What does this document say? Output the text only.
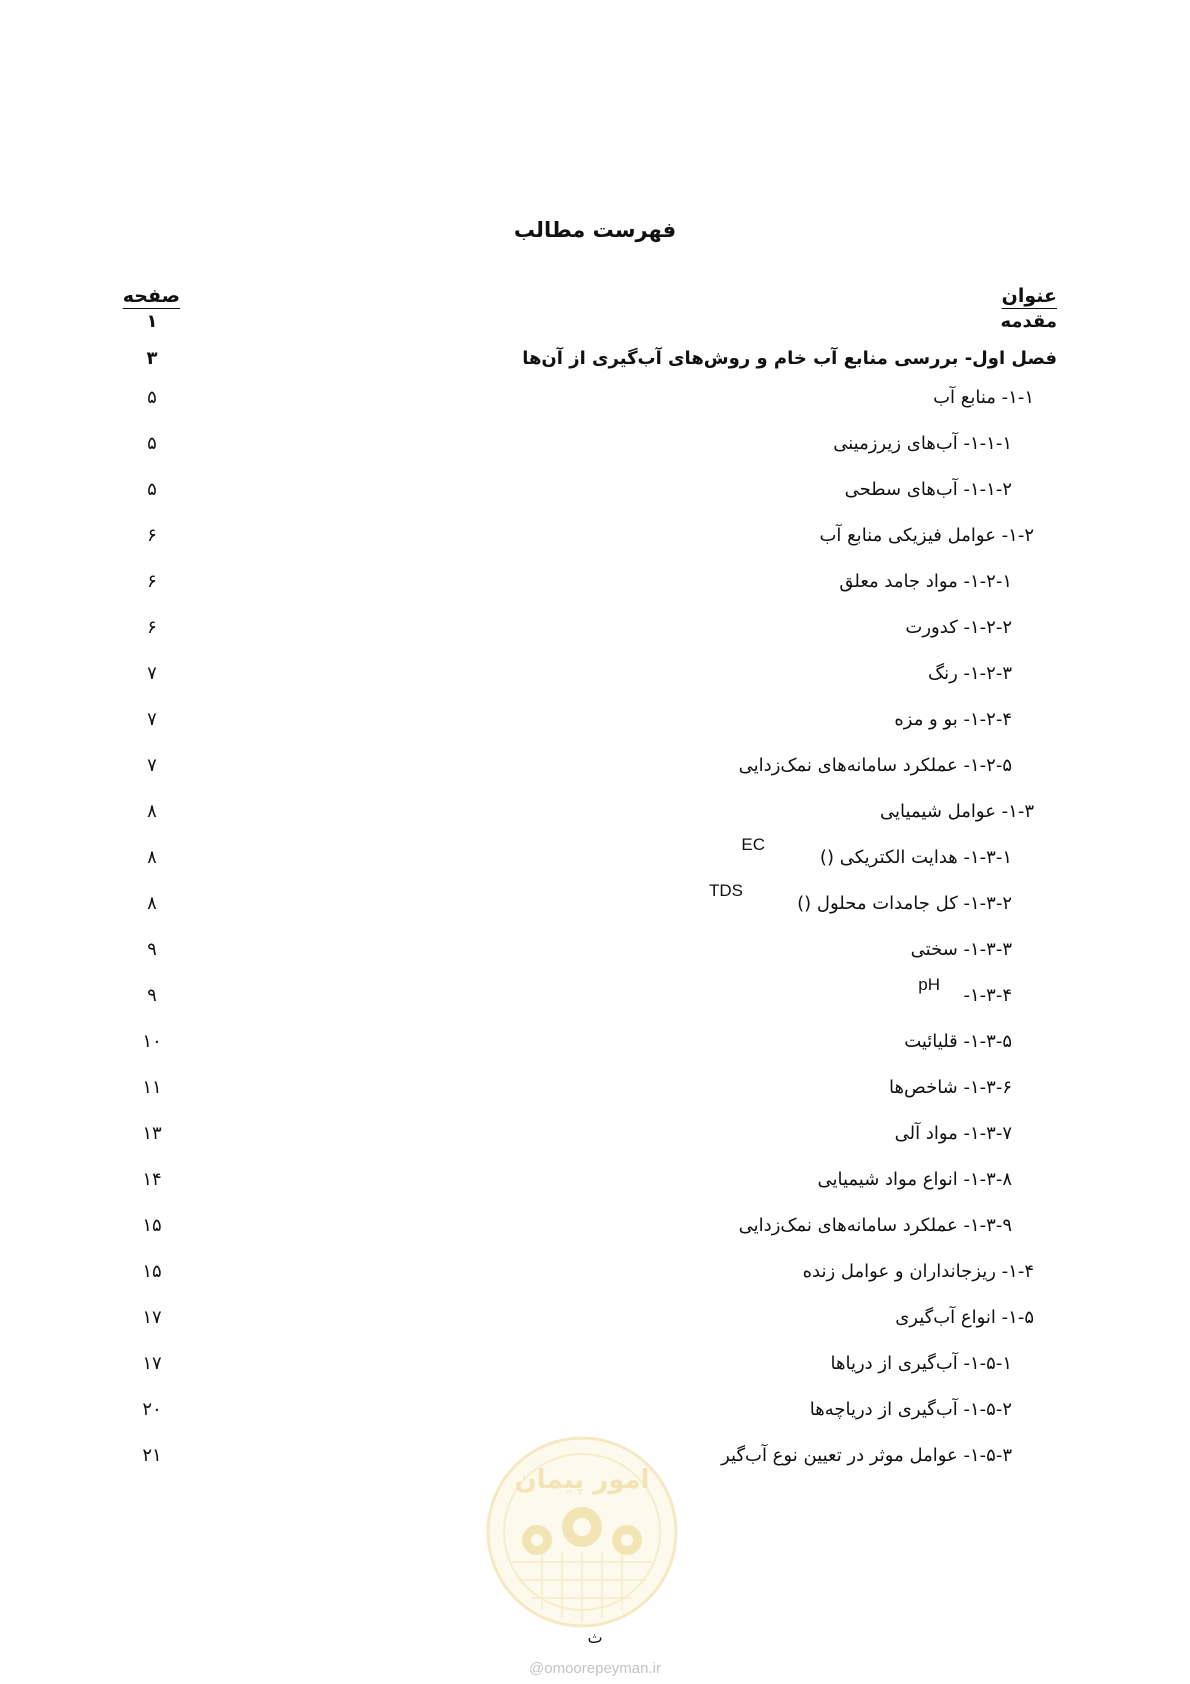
فهرست مطالب
عنوان
صفحه
مقدمه
۱
فصل اول- بررسی منابع آب خام و روش‌های آب‌گیری از آن‌ها
۳
۱-۱- منابع آب
۵
۱-۱-۱- آب‌های زیرزمینی
۵
۱-۱-۲- آب‌های سطحی
۵
۱-۲- عوامل فیزیکی منابع آب
۶
۱-۲-۱- مواد جامد معلق
۶
۱-۲-۲- کدورت
۶
۱-۲-۳- رنگ
۷
۱-۲-۴- بو و مزه
۷
۱-۲-۵- عملکرد سامانه‌های نمک‌زدایی
۷
۱-۳- عوامل شیمیایی
۸
۱-۳-۱- هدایت الکتریکی ()
EC
۸
۱-۳-۲- کل جامدات محلول ()
TDS
۸
۱-۳-۳- سختی
۹
۱-۳-۴-
pH
۹
۱-۳-۵- قلیائیت
۱۰
۱-۳-۶- شاخص‌ها
۱۱
۱-۳-۷- مواد آلی
۱۳
۱-۳-۸- انواع مواد شیمیایی
۱۴
۱-۳-۹- عملکرد سامانه‌های نمک‌زدایی
۱۵
۱-۴- ریزجانداران و عوامل زنده
۱۵
۱-۵- انواع آب‌گیری
۱۷
۱-۵-۱- آب‌گیری از دریاها
۱۷
۱-۵-۲- آب‌گیری از دریاچه‌ها
۲۰
۱-۵-۳- عوامل موثر در تعیین نوع آب‌گیر
۲۱
امور پیمان
ث
@omoorepeyman.ir
